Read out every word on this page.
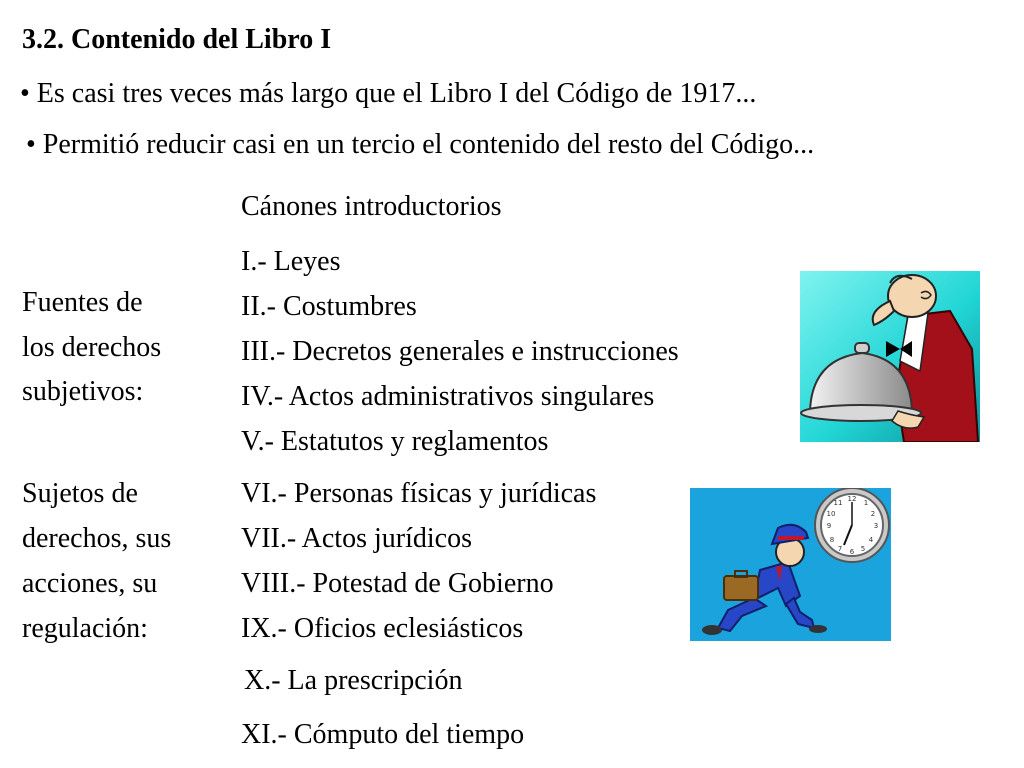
3.2. Contenido del Libro I
• Es casi tres veces más largo que el Libro I del Código de 1917...
• Permitió reducir casi en un tercio el contenido del resto del Código...
Cánones introductorios
I.- Leyes
II.- Costumbres
III.- Decretos generales e instrucciones
IV.- Actos administrativos singulares
V.- Estatutos y reglamentos
VI.- Personas físicas y jurídicas
VII.- Actos jurídicos
VIII.- Potestad de Gobierno
IX.- Oficios eclesiásticos
X.- La prescripción
XI.- Cómputo del tiempo
Fuentes de
los derechos
subjetivos:
Sujetos de
derechos, sus
acciones, su
regulación:
12
3
6
9
1
2
4
5
7
8
10
11
